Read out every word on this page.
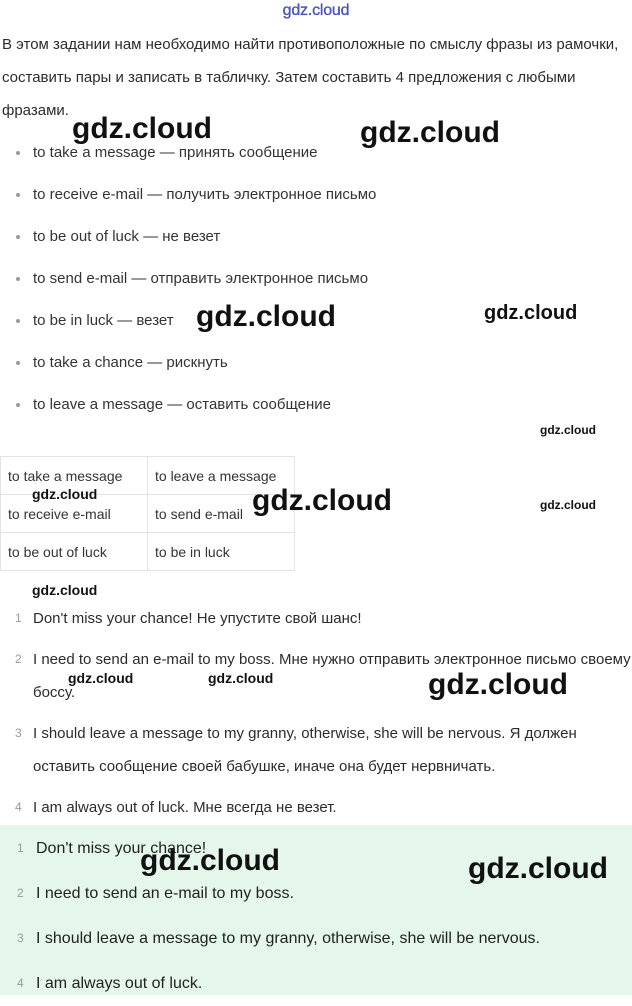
gdz.cloud
В этом задании нам необходимо найти противоположные по смыслу фразы из рамочки, составить пары и записать в табличку. Затем составить 4 предложения с любыми фразами.
to take a message — принять сообщение
to receive e-mail — получить электронное письмо
to be out of luck — не везет
to send e-mail — отправить электронное письмо
to be in luck — везет
to take a chance — рискнуть
to leave a message — оставить сообщение
to take a message	to leave a message
to receive e-mail	to send e-mail
to be out of luck	to be in luck
1 Don't miss your chance! Не упустите свой шанс!
2 I need to send an e-mail to my boss. Мне нужно отправить электронное письмо своему боссу.
3 I should leave a message to my granny, otherwise, she will be nervous. Я должен оставить сообщение своей бабушке, иначе она будет нервничать.
4 I am always out of luck. Мне всегда не везет.
1 Don't miss your chance!
2 I need to send an e-mail to my boss.
3 I should leave a message to my granny, otherwise, she will be nervous.
4 I am always out of luck.
gdz.cloud	gdz.cloud
gdz.cloud	gdz.cloud
gdz.cloud
gdz.cloud	gdz.cloud	gdz.cloud
gdz.cloud
gdz.cloud	gdz.cloud	gdz.cloud
gdz.cloud	gdz.cloud
